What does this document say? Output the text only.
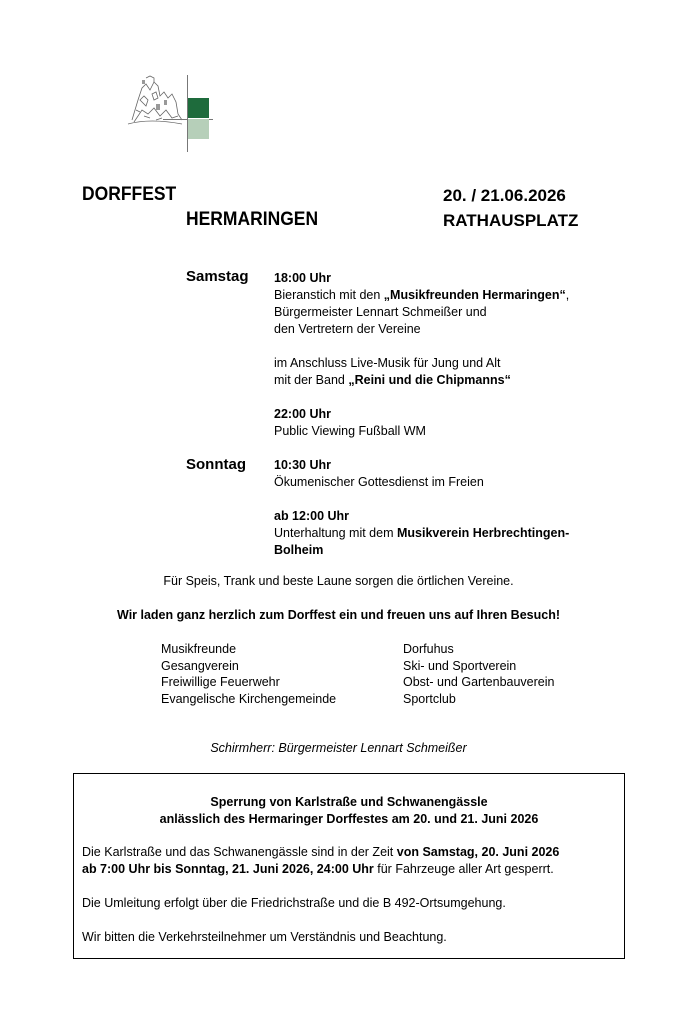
DORFFEST
HERMARINGEN
20. / 21.06.2026
RATHAUSPLATZ
Samstag 18:00 Uhr
Bieranstich mit den „Musikfreunden Hermaringen“,
Bürgermeister Lennart Schmeißer und
den Vertretern der Vereine
im Anschluss Live-Musik für Jung und Alt
mit der Band „Reini und die Chipmanns“
22:00 Uhr
Public Viewing Fußball WM
Sonntag 10:30 Uhr
Ökumenischer Gottesdienst im Freien
ab 12:00 Uhr
Unterhaltung mit dem Musikverein Herbrechtingen-
Bolheim
Für Speis, Trank und beste Laune sorgen die örtlichen Vereine.
Wir laden ganz herzlich zum Dorffest ein und freuen uns auf Ihren Besuch!
Musikfreunde
Gesangverein
Freiwillige Feuerwehr
Evangelische Kirchengemeinde
Dorfuhus
Ski- und Sportverein
Obst- und Gartenbauverein
Sportclub
Schirmherr: Bürgermeister Lennart Schmeißer
Sperrung von Karlstraße und Schwanengässle
anlässlich des Hermaringer Dorffestes am 20. und 21. Juni 2026

Die Karlstraße und das Schwanengässle sind in der Zeit von Samstag, 20. Juni 2026
ab 7:00 Uhr bis Sonntag, 21. Juni 2026, 24:00 Uhr für Fahrzeuge aller Art gesperrt.

Die Umleitung erfolgt über die Friedrichstraße und die B 492-Ortsumgehung.

Wir bitten die Verkehrsteilnehmer um Verständnis und Beachtung.
